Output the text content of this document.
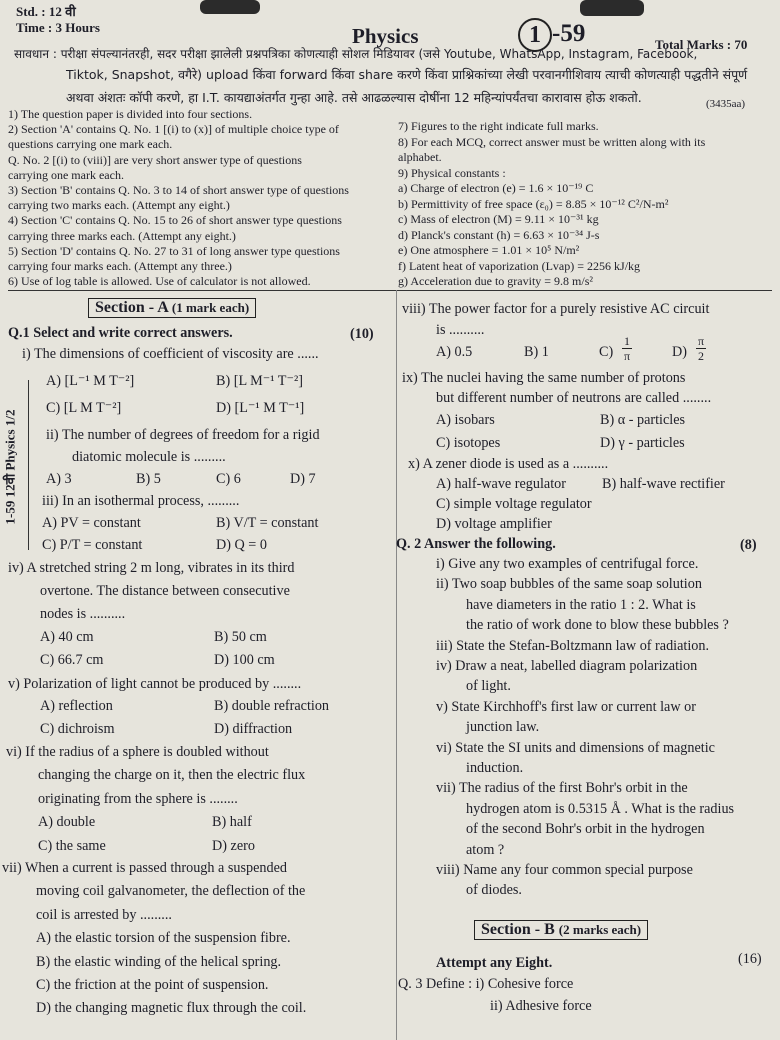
Std. : 12 वी
Time : 3 Hours	Physics	1 -59	Total Marks : 70
सावधान : परीक्षा संपल्यानंतरही, सदर परीक्षा झालेली प्रश्नपत्रिका कोणत्याही सोशल मिडियावर (जसे Youtube, WhatsApp, Instagram, Facebook,
Tiktok, Snapshot, वगैरे) upload किंवा forward किंवा share करणे किंवा प्राश्निकांच्या लेखी परवानगीशिवाय त्याची कोणत्याही पद्धतीने संपूर्ण
अथवा अंशतः कॉपी करणे, हा I.T. कायद्याअंतर्गत गुन्हा आहे. तसे आढळल्यास दोषींना 12 महिन्यांपर्यंतचा कारावास होऊ शकतो.	(3435aa)
1-59 12वी Physics 1/2
Section - A (1 mark each)
Q.1 Select and write correct answers.	(10)
i) The dimensions of coefficient of viscosity are ......
A) [L⁻¹ M T⁻²]	B) [L M⁻¹ T⁻²]
C) [L M T⁻²]	D) [L⁻¹ M T⁻¹]
ii) The number of degrees of freedom for a rigid
diatomic molecule is .........
A) 3	B) 5	C) 6	D) 7
iii) In an isothermal process, .........
A) PV = constant	B) V/T = constant
C) P/T = constant	D) Q = 0
iv) A stretched string 2 m long, vibrates in its third
overtone. The distance between consecutive
nodes is ..........
A) 40 cm	B) 50 cm
C) 66.7 cm	D) 100 cm
v) Polarization of light cannot be produced by ........
A) reflection	B) double refraction
C) dichroism	D) diffraction
vi) If the radius of a sphere is doubled without
changing the charge on it, then the electric flux
originating from the sphere is ........
A) double	B) half
C) the same	D) zero
vii) When a current is passed through a suspended
moving coil galvanometer, the deflection of the
coil is arrested by .........
A) the elastic torsion of the suspension fibre.
B) the elastic winding of the helical spring.
C) the friction at the point of suspension.
D) the changing magnetic flux through the coil.
viii) The power factor for a purely resistive AC circuit
is ..........
A) 0.5	B) 1	$C) \frac{1}{\pi}$	$D) \frac{\pi}{2}$
ix) The nuclei having the same number of protons
but different number of neutrons are called ........
A) isobars	B) α - particles
C) isotopes	D) γ - particles
x) A zener diode is used as a ..........
A) half-wave regulator	B) half-wave rectifier
C) simple voltage regulator
D) voltage amplifier
Q. 2 Answer the following.	(8)
Section - B (2 marks each)
Attempt any Eight.	(16)
Q. 3 Define : i) Cohesive force
ii) Adhesive force
1) The question paper is divided into four sections.
2) Section 'A' contains Q. No. 1 [(i) to (x)] of multiple choice type of
questions carrying one mark each.
Q. No. 2 [(i) to (viii)] are very short answer type of questions
carrying one mark each.
3) Section 'B' contains Q. No. 3 to 14 of short answer type of questions
carrying two marks each. (Attempt any eight.)
4) Section 'C' contains Q. No. 15 to 26 of short answer type questions
carrying three marks each. (Attempt any eight.)
5) Section 'D' contains Q. No. 27 to 31 of long answer type questions
carrying four marks each. (Attempt any three.)
6) Use of log table is allowed. Use of calculator is not allowed.
7) Figures to the right indicate full marks.
8) For each MCQ, correct answer must be written along with its
alphabet.
9) Physical constants :
a) Charge of electron (e) = 1.6 × 10⁻¹⁹ C
b) Permittivity of free space (ε₀) = 8.85 × 10⁻¹² C²/N-m²
c) Mass of electron (M) = 9.11 × 10⁻³¹ kg
d) Planck's constant (h) = 6.63 × 10⁻³⁴ J-s
e) One atmosphere = 1.01 × 10⁵ N/m²
f) Latent heat of vaporization (Lvap) = 2256 kJ/kg
g) Acceleration due to gravity = 9.8 m/s²
i) Give any two examples of centrifugal force.
ii) Two soap bubbles of the same soap solution
have diameters in the ratio 1 : 2. What is
the ratio of work done to blow these bubbles ?
iii) State the Stefan-Boltzmann law of radiation.
iv) Draw a neat, labelled diagram polarization
of light.
v) State Kirchhoff's first law or current law or
junction law.
vi) State the SI units and dimensions of magnetic
induction.
vii) The radius of the first Bohr's orbit in the
hydrogen atom is 0.5315 Å . What is the radius
of the second Bohr's orbit in the hydrogen
atom ?
viii) Name any four common special purpose
of diodes.
